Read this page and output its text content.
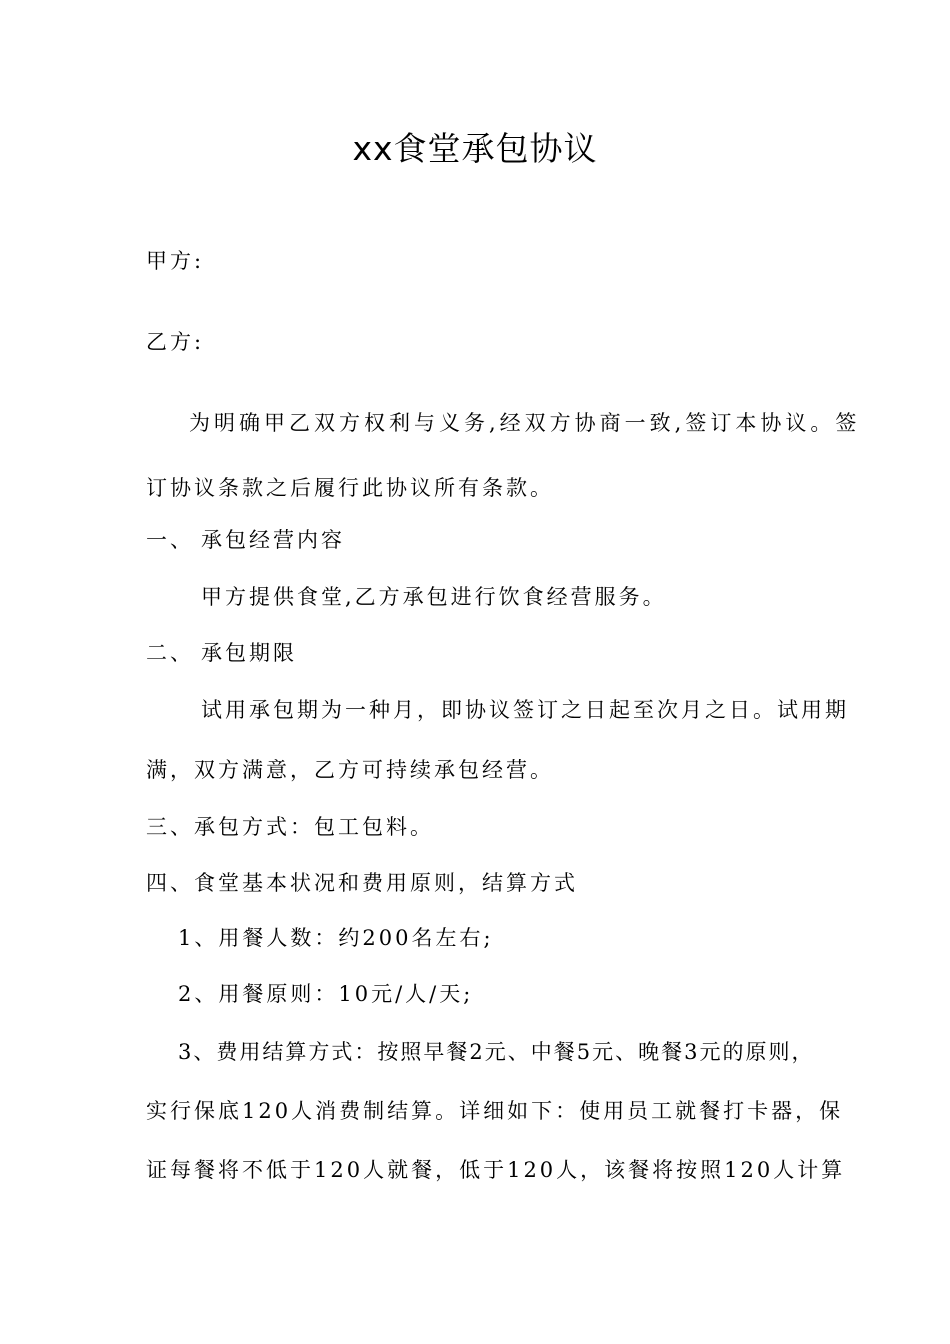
xx食堂承包协议
甲方:
乙方:
为明确甲乙双方权利与义务,经双方协商一致,签订本协议。签
订协议条款之后履行此协议所有条款。
一、 承包经营内容
甲方提供食堂,乙方承包进行饮食经营服务。
二、 承包期限
试用承包期为一种月，即协议签订之日起至次月之日。试用期
满，双方满意，乙方可持续承包经营。
三、承包方式：包工包料。
四、食堂基本状况和费用原则，结算方式
1、用餐人数：约200名左右;
2、用餐原则：10元/人/天;
3、费用结算方式：按照早餐2元、中餐5元、晚餐3元的原则，
实行保底120人消费制结算。详细如下：使用员工就餐打卡器，保
证每餐将不低于120人就餐，低于120人，该餐将按照120人计算
